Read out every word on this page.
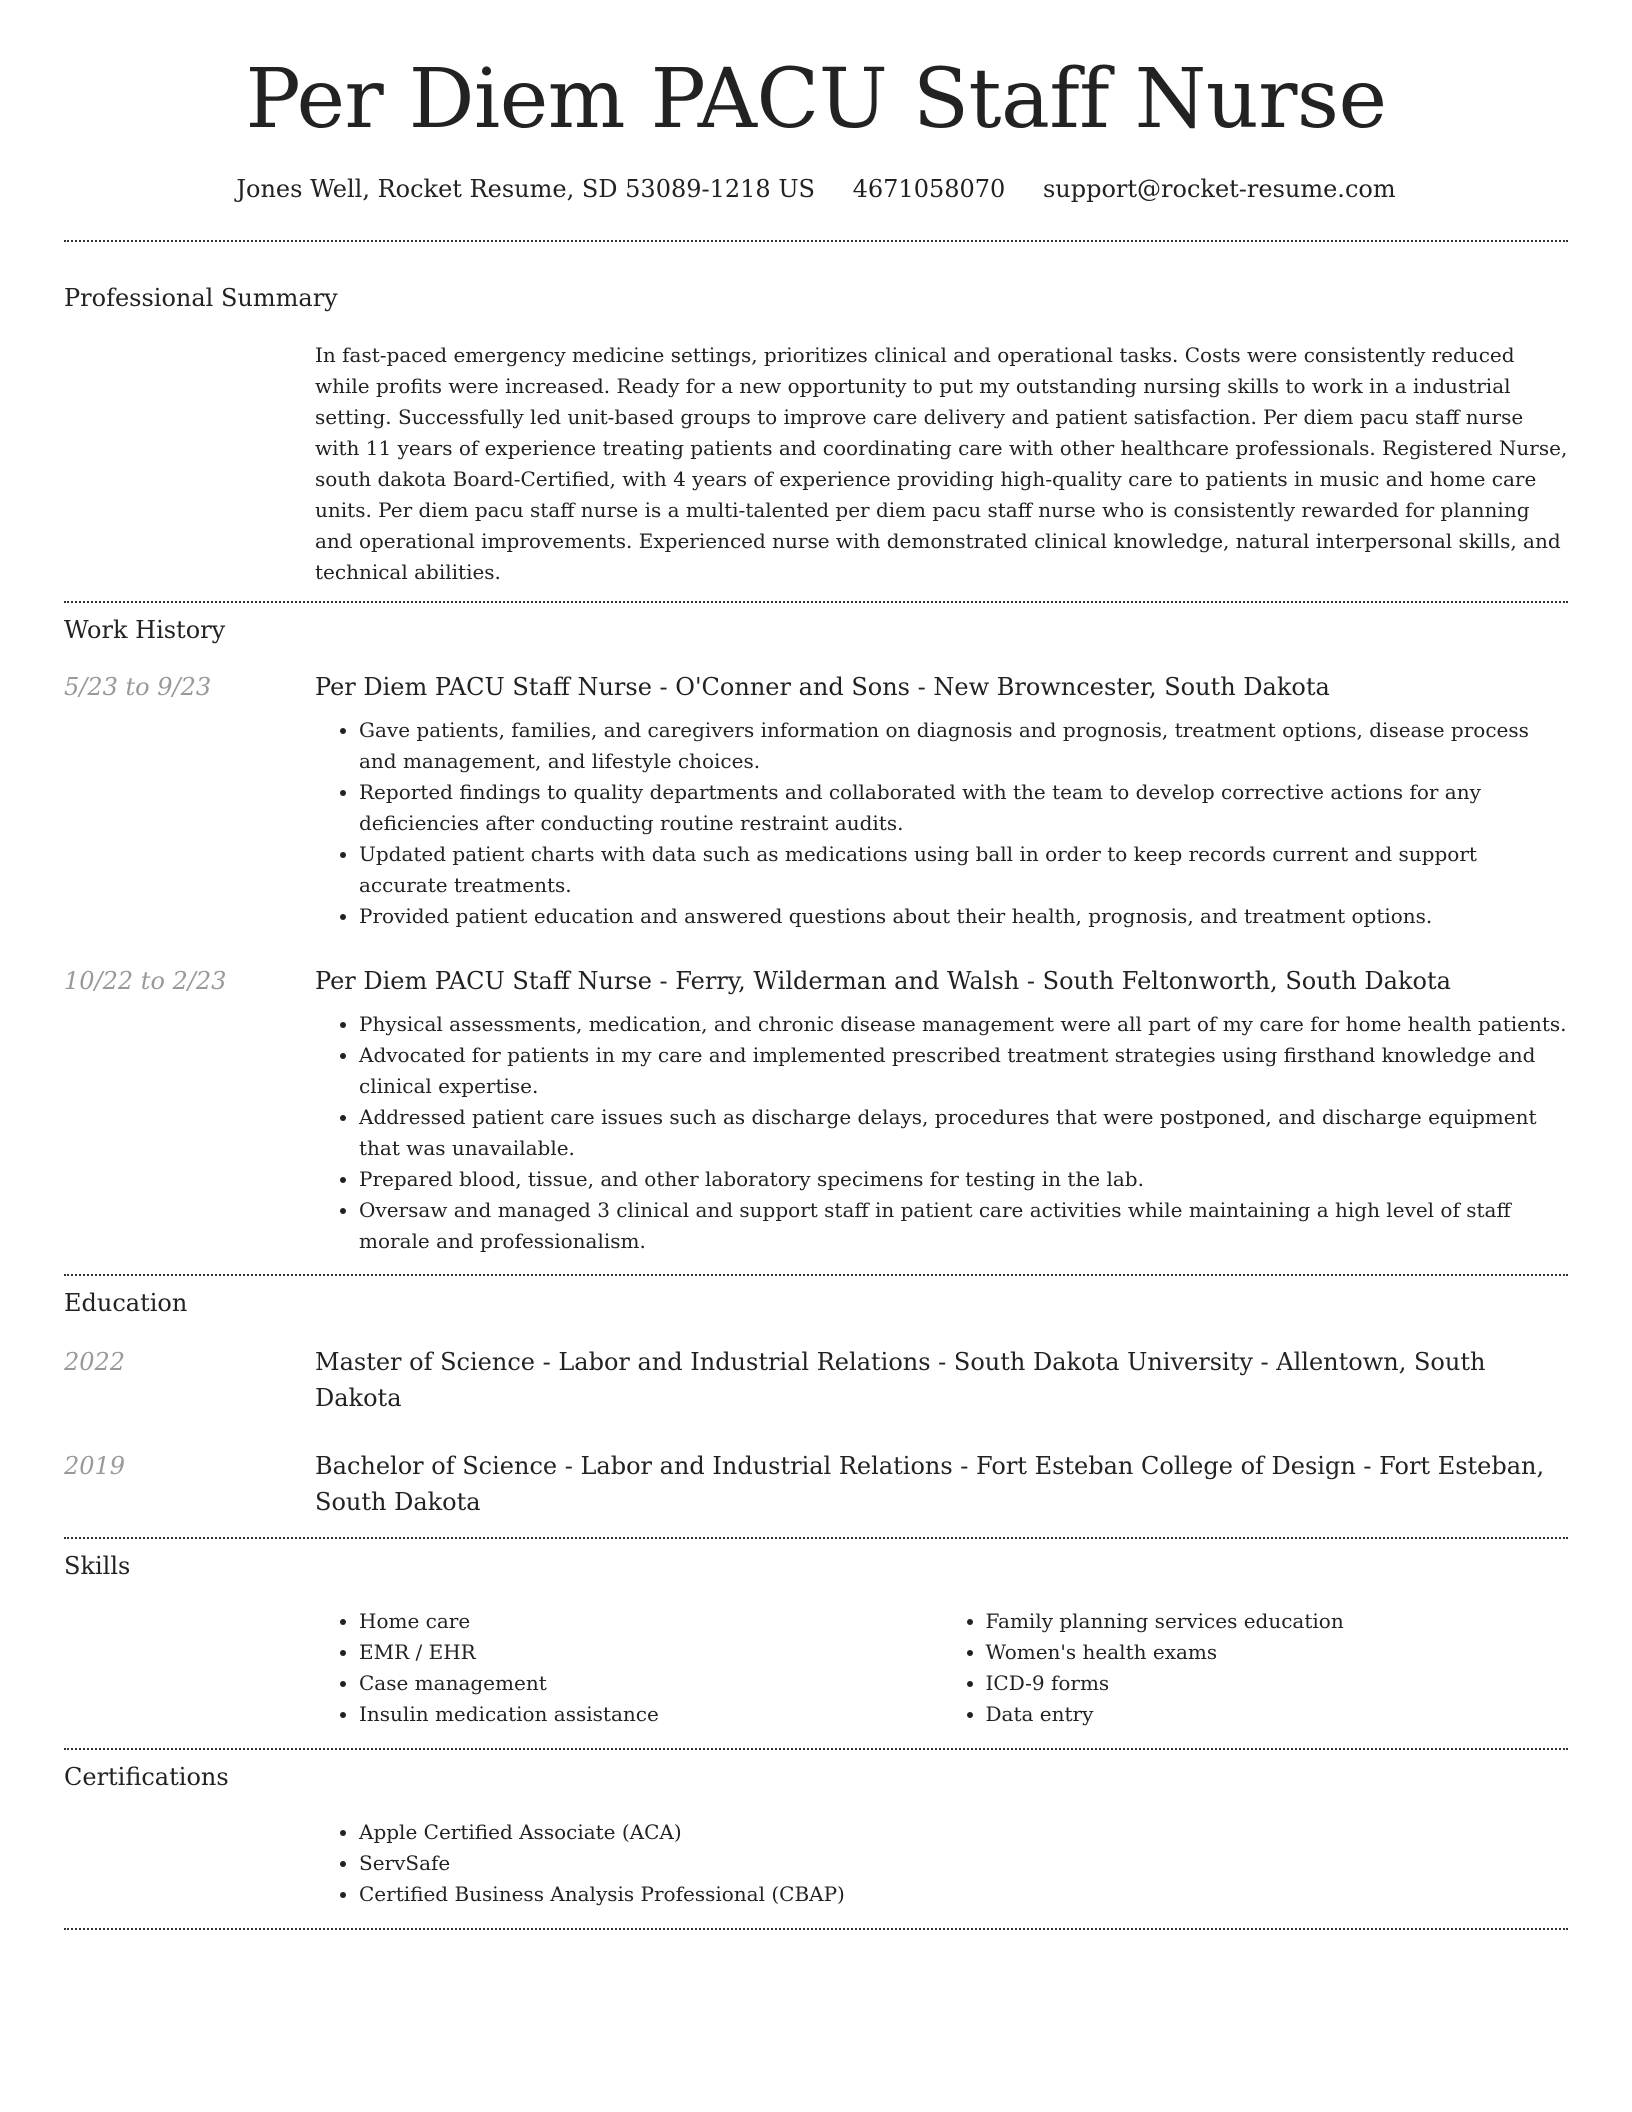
Per Diem PACU Staff Nurse
Jones Well, Rocket Resume, SD 53089-1218 US 4671058070 support@rocket-resume.com
Professional Summary
In fast-paced emergency medicine settings, prioritizes clinical and operational tasks. Costs were consistently reduced while profits were increased. Ready for a new opportunity to put my outstanding nursing skills to work in a industrial setting. Successfully led unit-based groups to improve care delivery and patient satisfaction. Per diem pacu staff nurse with 11 years of experience treating patients and coordinating care with other healthcare professionals. Registered Nurse, south dakota Board-Certified, with 4 years of experience providing high-quality care to patients in music and home care units. Per diem pacu staff nurse is a multi-talented per diem pacu staff nurse who is consistently rewarded for planning and operational improvements. Experienced nurse with demonstrated clinical knowledge, natural interpersonal skills, and technical abilities.
Work History
5/23 to 9/23	Per Diem PACU Staff Nurse - O'Conner and Sons - New Browncester, South Dakota
• Gave patients, families, and caregivers information on diagnosis and prognosis, treatment options, disease process and management, and lifestyle choices.
• Reported findings to quality departments and collaborated with the team to develop corrective actions for any deficiencies after conducting routine restraint audits.
• Updated patient charts with data such as medications using ball in order to keep records current and support accurate treatments.
• Provided patient education and answered questions about their health, prognosis, and treatment options.
10/22 to 2/23	Per Diem PACU Staff Nurse - Ferry, Wilderman and Walsh - South Feltonworth, South Dakota
• Physical assessments, medication, and chronic disease management were all part of my care for home health patients.
• Advocated for patients in my care and implemented prescribed treatment strategies using firsthand knowledge and clinical expertise.
• Addressed patient care issues such as discharge delays, procedures that were postponed, and discharge equipment that was unavailable.
• Prepared blood, tissue, and other laboratory specimens for testing in the lab.
• Oversaw and managed 3 clinical and support staff in patient care activities while maintaining a high level of staff morale and professionalism.
Education
2022	Master of Science - Labor and Industrial Relations - South Dakota University - Allentown, South Dakota
2019	Bachelor of Science - Labor and Industrial Relations - Fort Esteban College of Design - Fort Esteban, South Dakota
Skills
• Home care
• EMR / EHR
• Case management
• Insulin medication assistance
• Family planning services education
• Women's health exams
• ICD-9 forms
• Data entry
Certifications
• Apple Certified Associate (ACA)
• ServSafe
• Certified Business Analysis Professional (CBAP)
